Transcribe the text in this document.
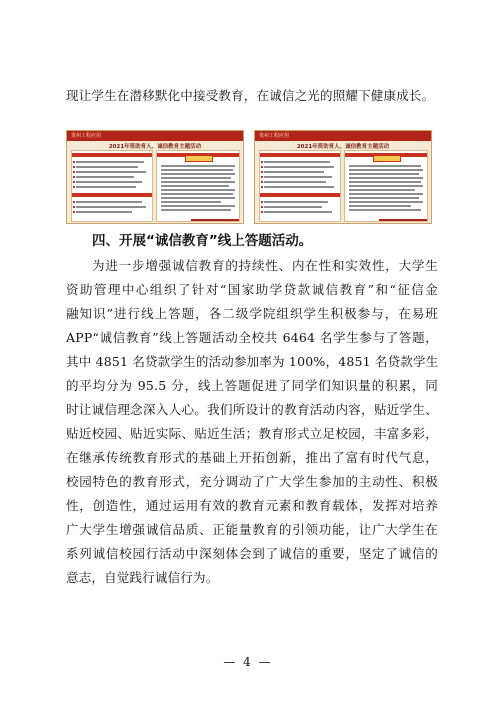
现让学生在潜移默化中接受教育，在诚信之光的照耀下健康成长。
贵州工程应用
2021年资助育人、诚信教育主题活动
贵州工程应用
2021年资助育人、诚信教育主题活动
四、开展“诚信教育”线上答题活动。
为进一步增强诚信教育的持续性、内在性和实效性，大学生
资助管理中心组织了针对“国家助学贷款诚信教育”和“征信金
融知识”进行线上答题，各二级学院组织学生积极参与，在易班
APP“诚信教育”线上答题活动全校共 6464 名学生参与了答题，
其中 4851 名贷款学生的活动参加率为 100%，4851 名贷款学生
的平均分为 95.5 分，线上答题促进了同学们知识量的积累，同
时让诚信理念深入人心。我们所设计的教育活动内容，贴近学生、
贴近校园、贴近实际、贴近生活；教育形式立足校园，丰富多彩，
在继承传统教育形式的基础上开拓创新，推出了富有时代气息，
校园特色的教育形式，充分调动了广大学生参加的主动性、积极
性，创造性，通过运用有效的教育元素和教育载体，发挥对培养
广大学生增强诚信品质、正能量教育的引领功能，让广大学生在
系列诚信校园行活动中深刻体会到了诚信的重要，坚定了诚信的
意志，自觉践行诚信行为。
— 4 —
